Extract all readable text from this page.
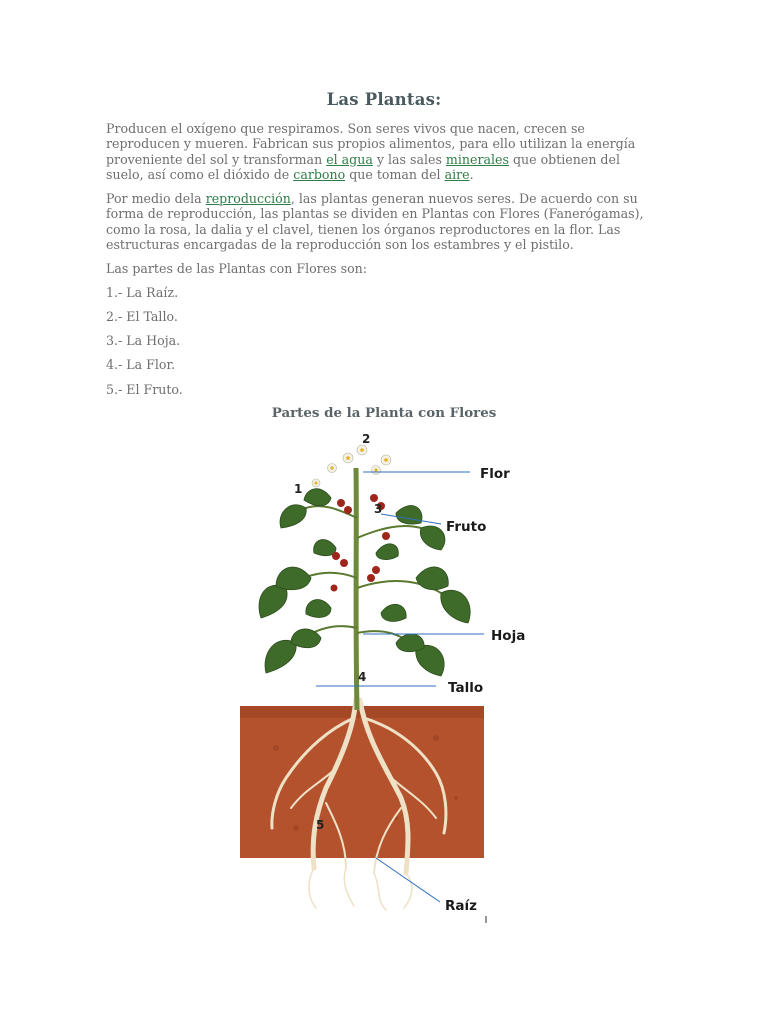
Las Plantas:

Producen el oxígeno que respiramos. Son seres vivos que nacen, crecen se reproducen y mueren. Fabrican sus propios alimentos, para ello utilizan la energía proveniente del sol y transforman el agua y las sales minerales que obtienen del suelo, así como el dióxido de carbono que toman del aire.

Por medio dela reproducción, las plantas generan nuevos seres. De acuerdo con su forma de reproducción, las plantas se dividen en Plantas con Flores (Fanerógamas), como la rosa, la dalia y el clavel, tienen los órganos reproductores en la flor. Las estructuras encargadas de la reproducción son los estambres y el pistilo.

Las partes de las Plantas con Flores son:

1.- La Raíz.

2.- El Tallo.

3.- La Hoja.

4.- La Flor.

5.- El Fruto.

Partes de la Planta con Flores

Flor
Fruto
Hoja
Tallo
Raíz
1
2
3
4
5
